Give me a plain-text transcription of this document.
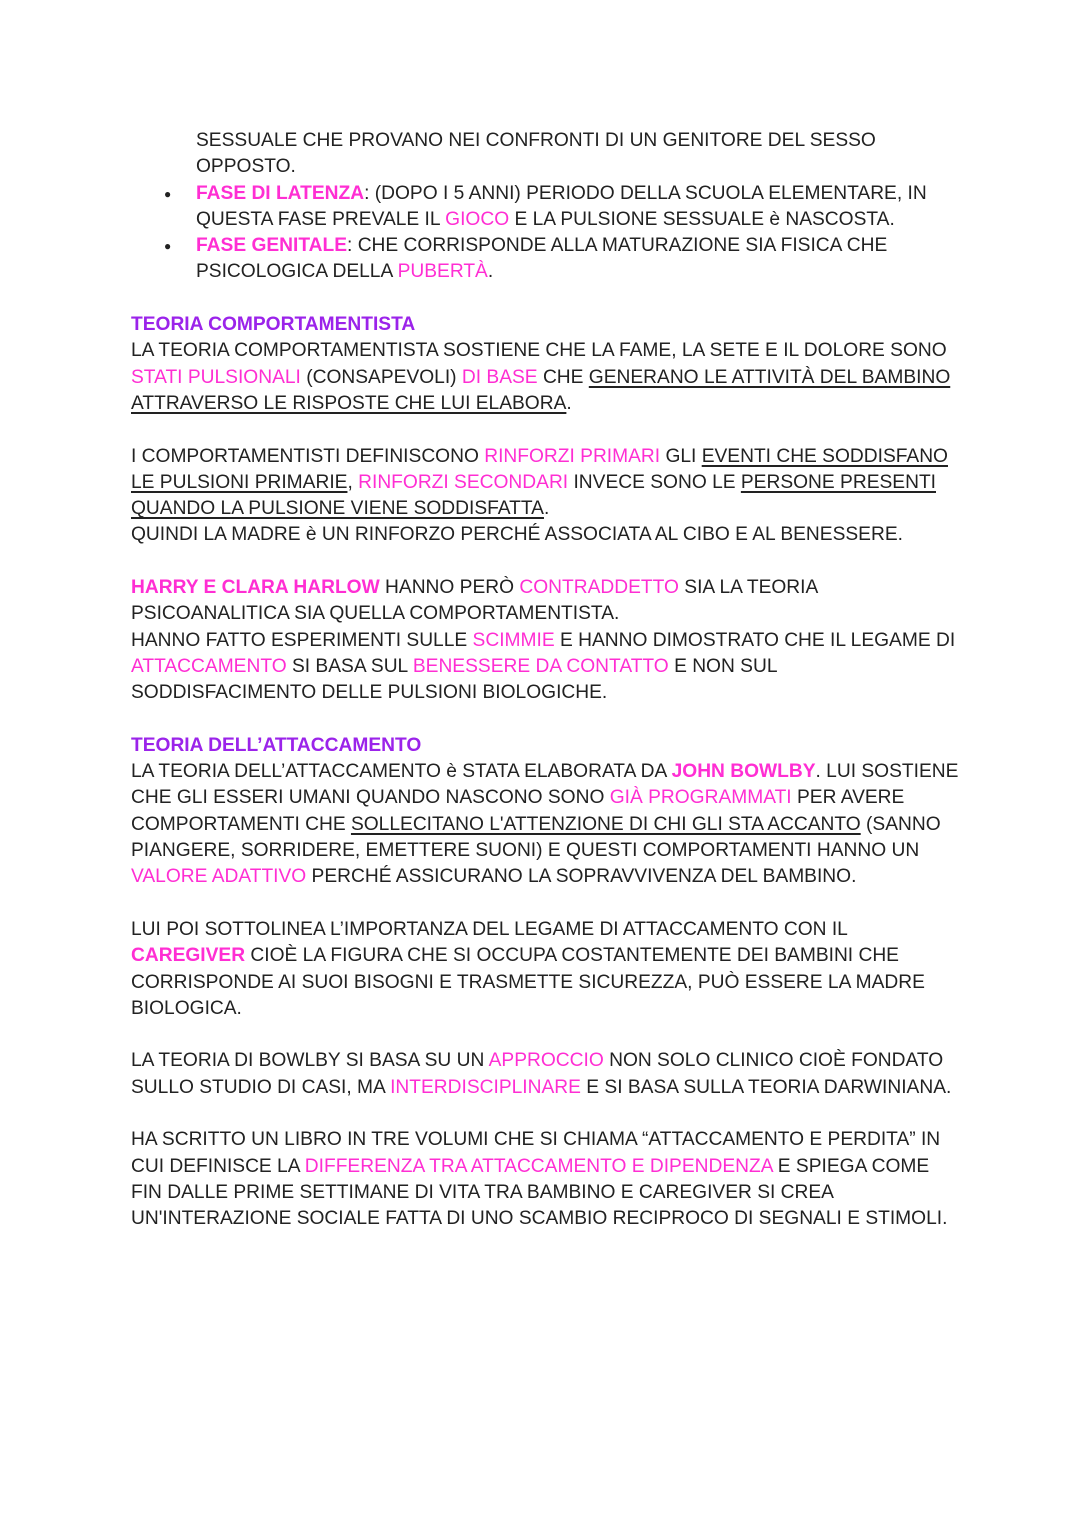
SESSUALE CHE PROVANO NEI CONFRONTI DI UN GENITORE DEL SESSO
OPPOSTO.
● FASE DI LATENZA: (DOPO I 5 ANNI) PERIODO DELLA SCUOLA ELEMENTARE, IN QUESTA FASE PREVALE IL GIOCO E LA PULSIONE SESSUALE è NASCOSTA.
● FASE GENITALE: CHE CORRISPONDE ALLA MATURAZIONE SIA FISICA CHE PSICOLOGICA DELLA PUBERTÀ.

TEORIA COMPORTAMENTISTA

LA TEORIA COMPORTAMENTISTA SOSTIENE CHE LA FAME, LA SETE E IL DOLORE SONO STATI PULSIONALI (CONSAPEVOLI) DI BASE CHE GENERANO LE ATTIVITÀ DEL BAMBINO ATTRAVERSO LE RISPOSTE CHE LUI ELABORA.

I COMPORTAMENTISTI DEFINISCONO RINFORZI PRIMARI GLI EVENTI CHE SODDISFANO LE PULSIONI PRIMARIE, RINFORZI SECONDARI INVECE SONO LE PERSONE PRESENTI QUANDO LA PULSIONE VIENE SODDISFATTA.
QUINDI LA MADRE è UN RINFORZO PERCHÉ ASSOCIATA AL CIBO E AL BENESSERE.

HARRY E CLARA HARLOW HANNO PERÒ CONTRADDETTO SIA LA TEORIA PSICOANALITICA SIA QUELLA COMPORTAMENTISTA.
HANNO FATTO ESPERIMENTI SULLE SCIMMIE E HANNO DIMOSTRATO CHE IL LEGAME DI ATTACCAMENTO SI BASA SUL BENESSERE DA CONTATTO E NON SUL SODDISFACIMENTO DELLE PULSIONI BIOLOGICHE.

TEORIA DELL’ATTACCAMENTO

LA TEORIA DELL’ATTACCAMENTO è STATA ELABORATA DA JOHN BOWLBY. LUI SOSTIENE CHE GLI ESSERI UMANI QUANDO NASCONO SONO GIÀ PROGRAMMATI PER AVERE COMPORTAMENTI CHE SOLLECITANO L'ATTENZIONE DI CHI GLI STA ACCANTO (SANNO PIANGERE, SORRIDERE, EMETTERE SUONI) E QUESTI COMPORTAMENTI HANNO UN VALORE ADATTIVO PERCHÉ ASSICURANO LA SOPRAVVIVENZA DEL BAMBINO.

LUI POI SOTTOLINEA L’IMPORTANZA DEL LEGAME DI ATTACCAMENTO CON IL CAREGIVER CIOÈ LA FIGURA CHE SI OCCUPA COSTANTEMENTE DEI BAMBINI CHE CORRISPONDE AI SUOI BISOGNI E TRASMETTE SICUREZZA, PUÒ ESSERE LA MADRE BIOLOGICA.

LA TEORIA DI BOWLBY SI BASA SU UN APPROCCIO NON SOLO CLINICO CIOÈ FONDATO SULLO STUDIO DI CASI, MA INTERDISCIPLINARE E SI BASA SULLA TEORIA DARWINIANA.

HA SCRITTO UN LIBRO IN TRE VOLUMI CHE SI CHIAMA “ATTACCAMENTO E PERDITA” IN CUI DEFINISCE LA DIFFERENZA TRA ATTACCAMENTO E DIPENDENZA E SPIEGA COME FIN DALLE PRIME SETTIMANE DI VITA TRA BAMBINO E CAREGIVER SI CREA UN'INTERAZIONE SOCIALE FATTA DI UNO SCAMBIO RECIPROCO DI SEGNALI E STIMOLI.
